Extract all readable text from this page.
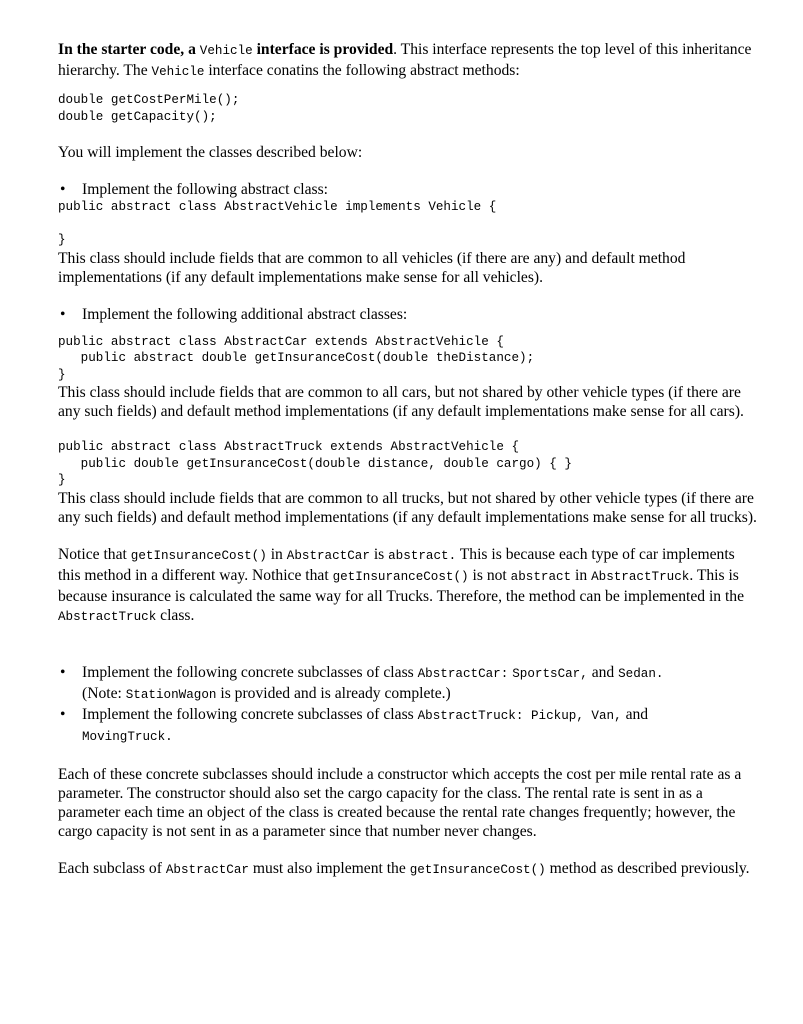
In the starter code, a Vehicle interface is provided. This interface represents the top level of this inheritance hierarchy. The Vehicle interface conatins the following abstract methods:

double getCostPerMile();
double getCapacity();

You will implement the classes described below:

• Implement the following abstract class:
public abstract class AbstractVehicle implements Vehicle {

}

This class should include fields that are common to all vehicles (if there are any) and default method implementations (if any default implementations make sense for all vehicles).

• Implement the following additional abstract classes:
public abstract class AbstractCar extends AbstractVehicle {
public abstract double getInsuranceCost(double theDistance);
}

This class should include fields that are common to all cars, but not shared by other vehicle types (if there are any such fields) and default method implementations (if any default implementations make sense for all cars).

public abstract class AbstractTruck extends AbstractVehicle {
public double getInsuranceCost(double distance, double cargo) { }
}

This class should include fields that are common to all trucks, but not shared by other vehicle types (if there are any such fields) and default method implementations (if any default implementations make sense for all trucks).

Notice that getInsuranceCost() in AbstractCar is abstract. This is because each type of car implements this method in a different way. Nothice that getInsuranceCost() is not abstract in AbstractTruck. This is because insurance is calculated the same way for all Trucks. Therefore, the method can be implemented in the AbstractTruck class.

• Implement the following concrete subclasses of class AbstractCar: SportsCar, and Sedan.
(Note: StationWagon is provided and is already complete.)
• Implement the following concrete subclasses of class AbstractTruck: Pickup, Van, and
MovingTruck.

Each of these concrete subclasses should include a constructor which accepts the cost per mile rental rate as a parameter. The constructor should also set the cargo capacity for the class. The rental rate is sent in as a parameter each time an object of the class is created because the rental rate changes frequently; however, the cargo capacity is not sent in as a parameter since that number never changes.

Each subclass of AbstractCar must also implement the getInsuranceCost() method as described previously.
